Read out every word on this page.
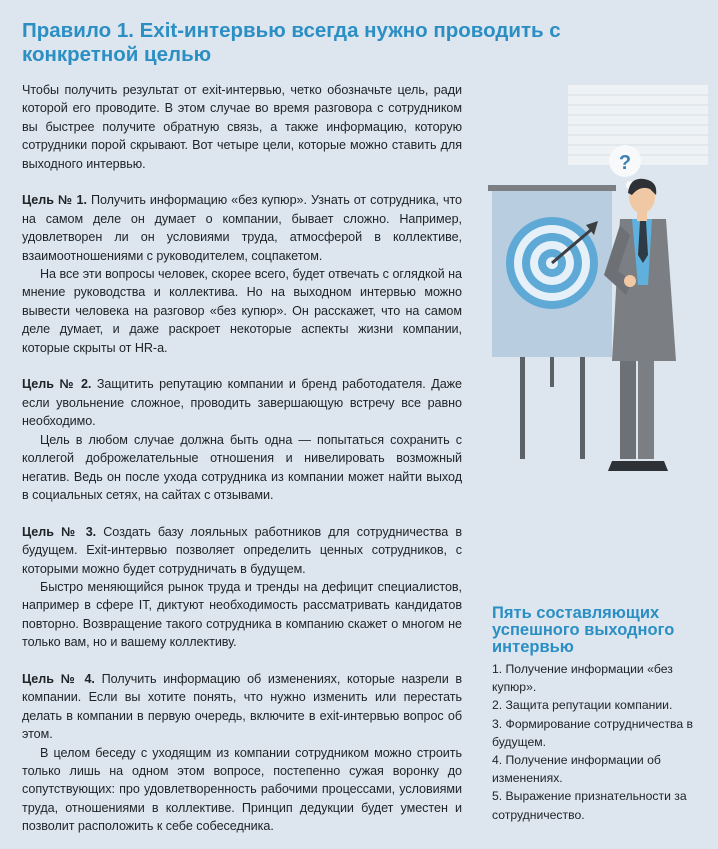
Правило 1. Exit-интервью всегда нужно проводить с конкретной целью

Чтобы получить результат от exit-интервью, четко обозначьте цель, ради которой его проводите. В этом случае во время разговора с сотрудником вы быстрее получите обратную связь, а также информацию, которую сотрудники порой скрывают. Вот четыре цели, которые можно ставить для выходного интервью.

Цель № 1. Получить информацию «без купюр». Узнать от сотрудника, что на самом деле он думает о компании, бывает сложно. Например, удовлетворен ли он условиями труда, атмосферой в коллективе, взаимоотношениями с руководителем, соцпакетом.

На все эти вопросы человек, скорее всего, будет отвечать с оглядкой на мнение руководства и коллектива. Но на выходном интервью можно вывести человека на разговор «без купюр». Он расскажет, что на самом деле думает, и даже раскроет некоторые аспекты жизни компании, которые скрыты от HR-а.

Цель № 2. Защитить репутацию компании и бренд работодателя. Даже если увольнение сложное, проводить завершающую встречу все равно необходимо.

Цель в любом случае должна быть одна — попытаться сохранить с коллегой доброжелательные отношения и нивелировать возможный негатив. Ведь он после ухода сотрудника из компании может найти выход в социальных сетях, на сайтах с отзывами.

Цель № 3. Создать базу лояльных работников для сотрудничества в будущем. Exit-интервью позволяет определить ценных сотрудников, с которыми можно будет сотрудничать в будущем.

Быстро меняющийся рынок труда и тренды на дефицит специалистов, например в сфере IT, диктуют необходимость рассматривать кандидатов повторно. Возвращение такого сотрудника в компанию скажет о многом не только вам, но и вашему коллективу.

Цель № 4. Получить информацию об изменениях, которые назрели в компании. Если вы хотите понять, что нужно изменить или перестать делать в компании в первую очередь, включите в exit-интервью вопрос об этом.

В целом беседу с уходящим из компании сотрудником можно строить только лишь на одном этом вопросе, постепенно сужая воронку до сопутствующих: про удовлетворенность рабочими процессами, условиями труда, отношениями в коллективе. Принцип дедукции будет уместен и позволит расположить к себе собеседника.

?
Пять составляющих успешного выходного интервью
1. Получение информации «без купюр».
2. Защита репутации компании.
3. Формирование сотрудничества в будущем.
4. Получение информации об изменениях.
5. Выражение признательности за сотрудничество.
